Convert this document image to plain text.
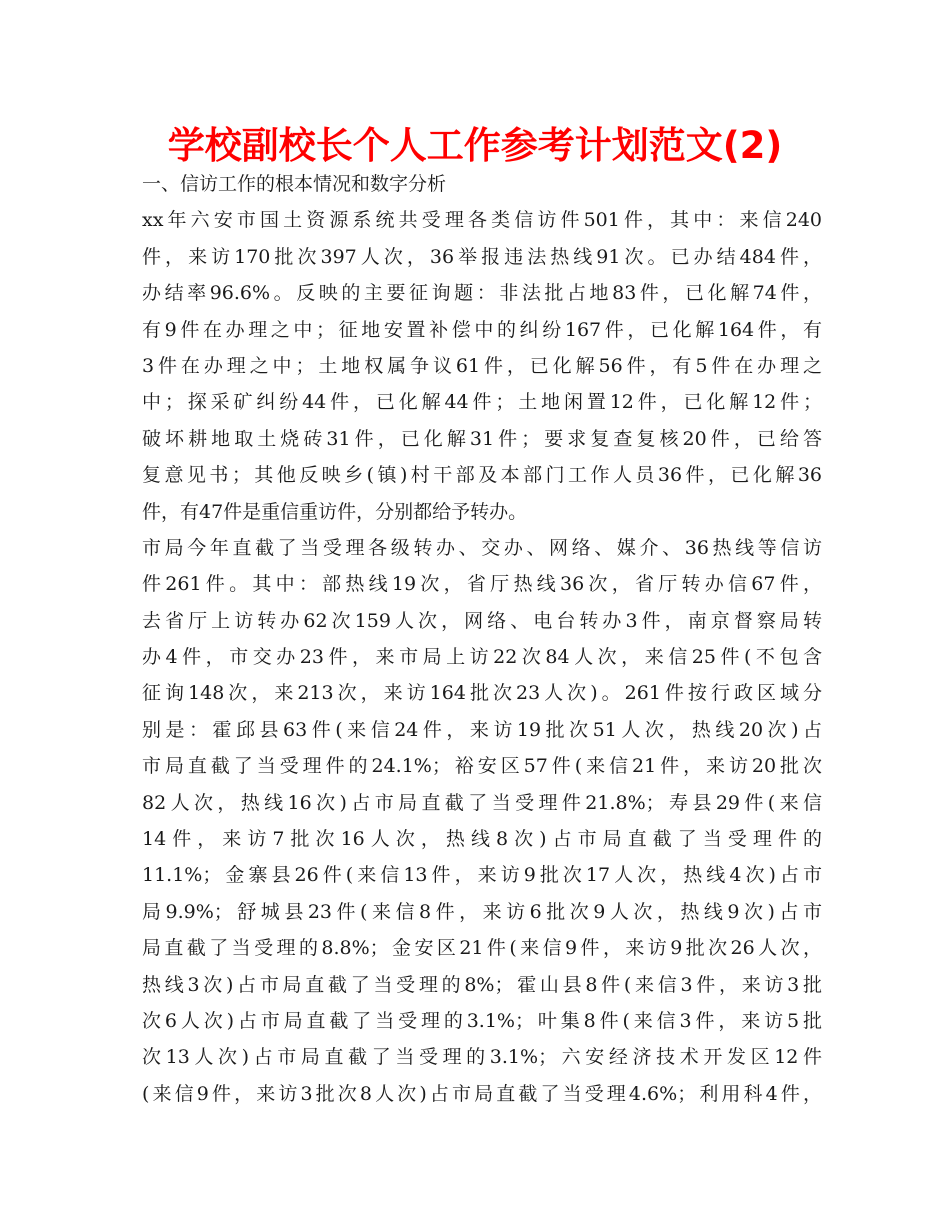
学校副校长个人工作参考计划范文(2)
一、信访工作的根本情况和数字分析
xx年六安市国土资源系统共受理各类信访件501件，其中：来信240
件，来访170批次397人次，36举报违法热线91次。已办结484件，
办结率96.6%。反映的主要征询题：非法批占地83件，已化解74件，
有9件在办理之中；征地安置补偿中的纠纷167件，已化解164件，有
3件在办理之中；土地权属争议61件，已化解56件，有5件在办理之
中；探采矿纠纷44件，已化解44件；土地闲置12件，已化解12件；
破坏耕地取土烧砖31件，已化解31件；要求复查复核20件，已给答
复意见书；其他反映乡(镇)村干部及本部门工作人员36件，已化解36
件，有47件是重信重访件，分别都给予转办。
市局今年直截了当受理各级转办、交办、网络、媒介、36热线等信访
件261件。其中：部热线19次，省厅热线36次，省厅转办信67件，
去省厅上访转办62次159人次，网络、电台转办3件，南京督察局转
办4件，市交办23件，来市局上访22次84人次，来信25件(不包含
征询148次，来213次，来访164批次23人次)。261件按行政区域分
别是：霍邱县63件(来信24件，来访19批次51人次，热线20次)占
市局直截了当受理件的24.1%；裕安区57件(来信21件，来访20批次
82人次，热线16次)占市局直截了当受理件21.8%；寿县29件(来信
14件，来访7批次16人次，热线8次)占市局直截了当受理件的
11.1%；金寨县26件(来信13件，来访9批次17人次，热线4次)占市
局9.9%；舒城县23件(来信8件，来访6批次9人次，热线9次)占市
局直截了当受理的8.8%；金安区21件(来信9件，来访9批次26人次，
热线3次)占市局直截了当受理的8%；霍山县8件(来信3件，来访3批
次6人次)占市局直截了当受理的3.1%；叶集8件(来信3件，来访5批
次13人次)占市局直截了当受理的3.1%；六安经济技术开发区12件
(来信9件，来访3批次8人次)占市局直截了当受理4.6%；利用科4件，
